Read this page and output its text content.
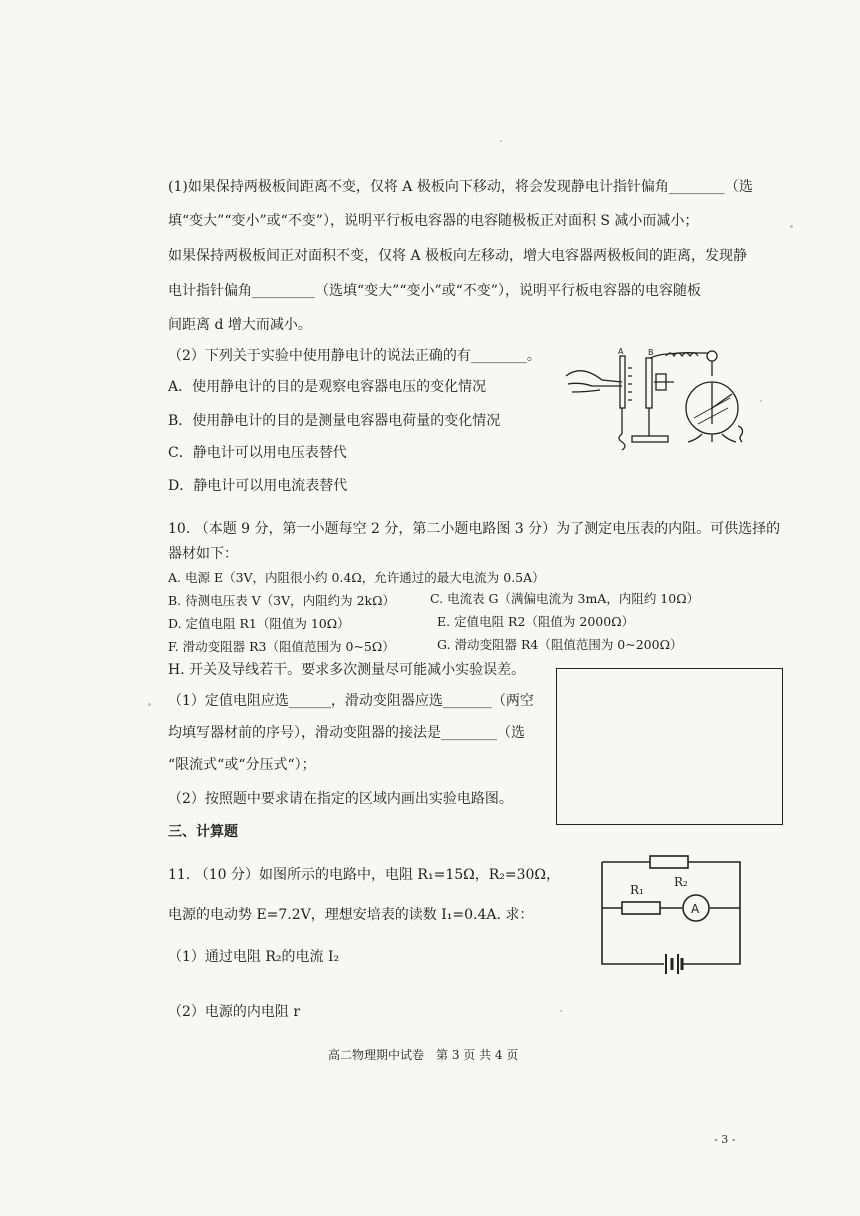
(1)如果保持两极板间距离不变，仅将 A 极板向下移动，将会发现静电计指针偏角________（选
填“变大”“变小”或“不变”），说明平行板电容器的电容随极板正对面积 S 减小而减小；
如果保持两极板间正对面积不变，仅将 A 极板向左移动，增大电容器两极板间的距离，发现静
电计指针偏角_________（选填“变大”“变小”或“不变”），说明平行板电容器的电容随板
间距离 d 增大而减小。
（2）下列关于实验中使用静电计的说法正确的有________。
A．使用静电计的目的是观察电容器电压的变化情况
B．使用静电计的目的是测量电容器电荷量的变化情况
C．静电计可以用电压表替代
D．静电计可以用电流表替代
A	B
10. （本题 9 分，第一小题每空 2 分，第二小题电路图 3 分）为了测定电压表的内阻。可供选择的
器材如下：
A. 电源 E（3V，内阻很小约 0.4Ω，允许通过的最大电流为 0.5A）
B. 待测电压表 V（3V，内阻约为 2kΩ）	C. 电流表 G（满偏电流为 3mA，内阻约 10Ω）
D. 定值电阻 R1（阻值为 10Ω）	E. 定值电阻 R2（阻值为 2000Ω）
F. 滑动变阻器 R3（阻值范围为 0~5Ω）	G. 滑动变阻器 R4（阻值范围为 0~200Ω）
H. 开关及导线若干。要求多次测量尽可能减小实验误差。
（1）定值电阻应选______，滑动变阻器应选_______（两空
均填写器材前的序号），滑动变阻器的接法是________（选
“限流式“或“分压式“）；
（2）按照题中要求请在指定的区域内画出实验电路图。
三、计算题
11. （10 分）如图所示的电路中，电阻 R₁=15Ω，R₂=30Ω，
电源的电动势 E=7.2V，理想安培表的读数 I₁=0.4A. 求：
（1）通过电阻 R₂的电流 I₂
（2）电源的内电阻 r
R₁
R₂
A
高二物理期中试卷　第 3 页 共 4 页
- 3 -
